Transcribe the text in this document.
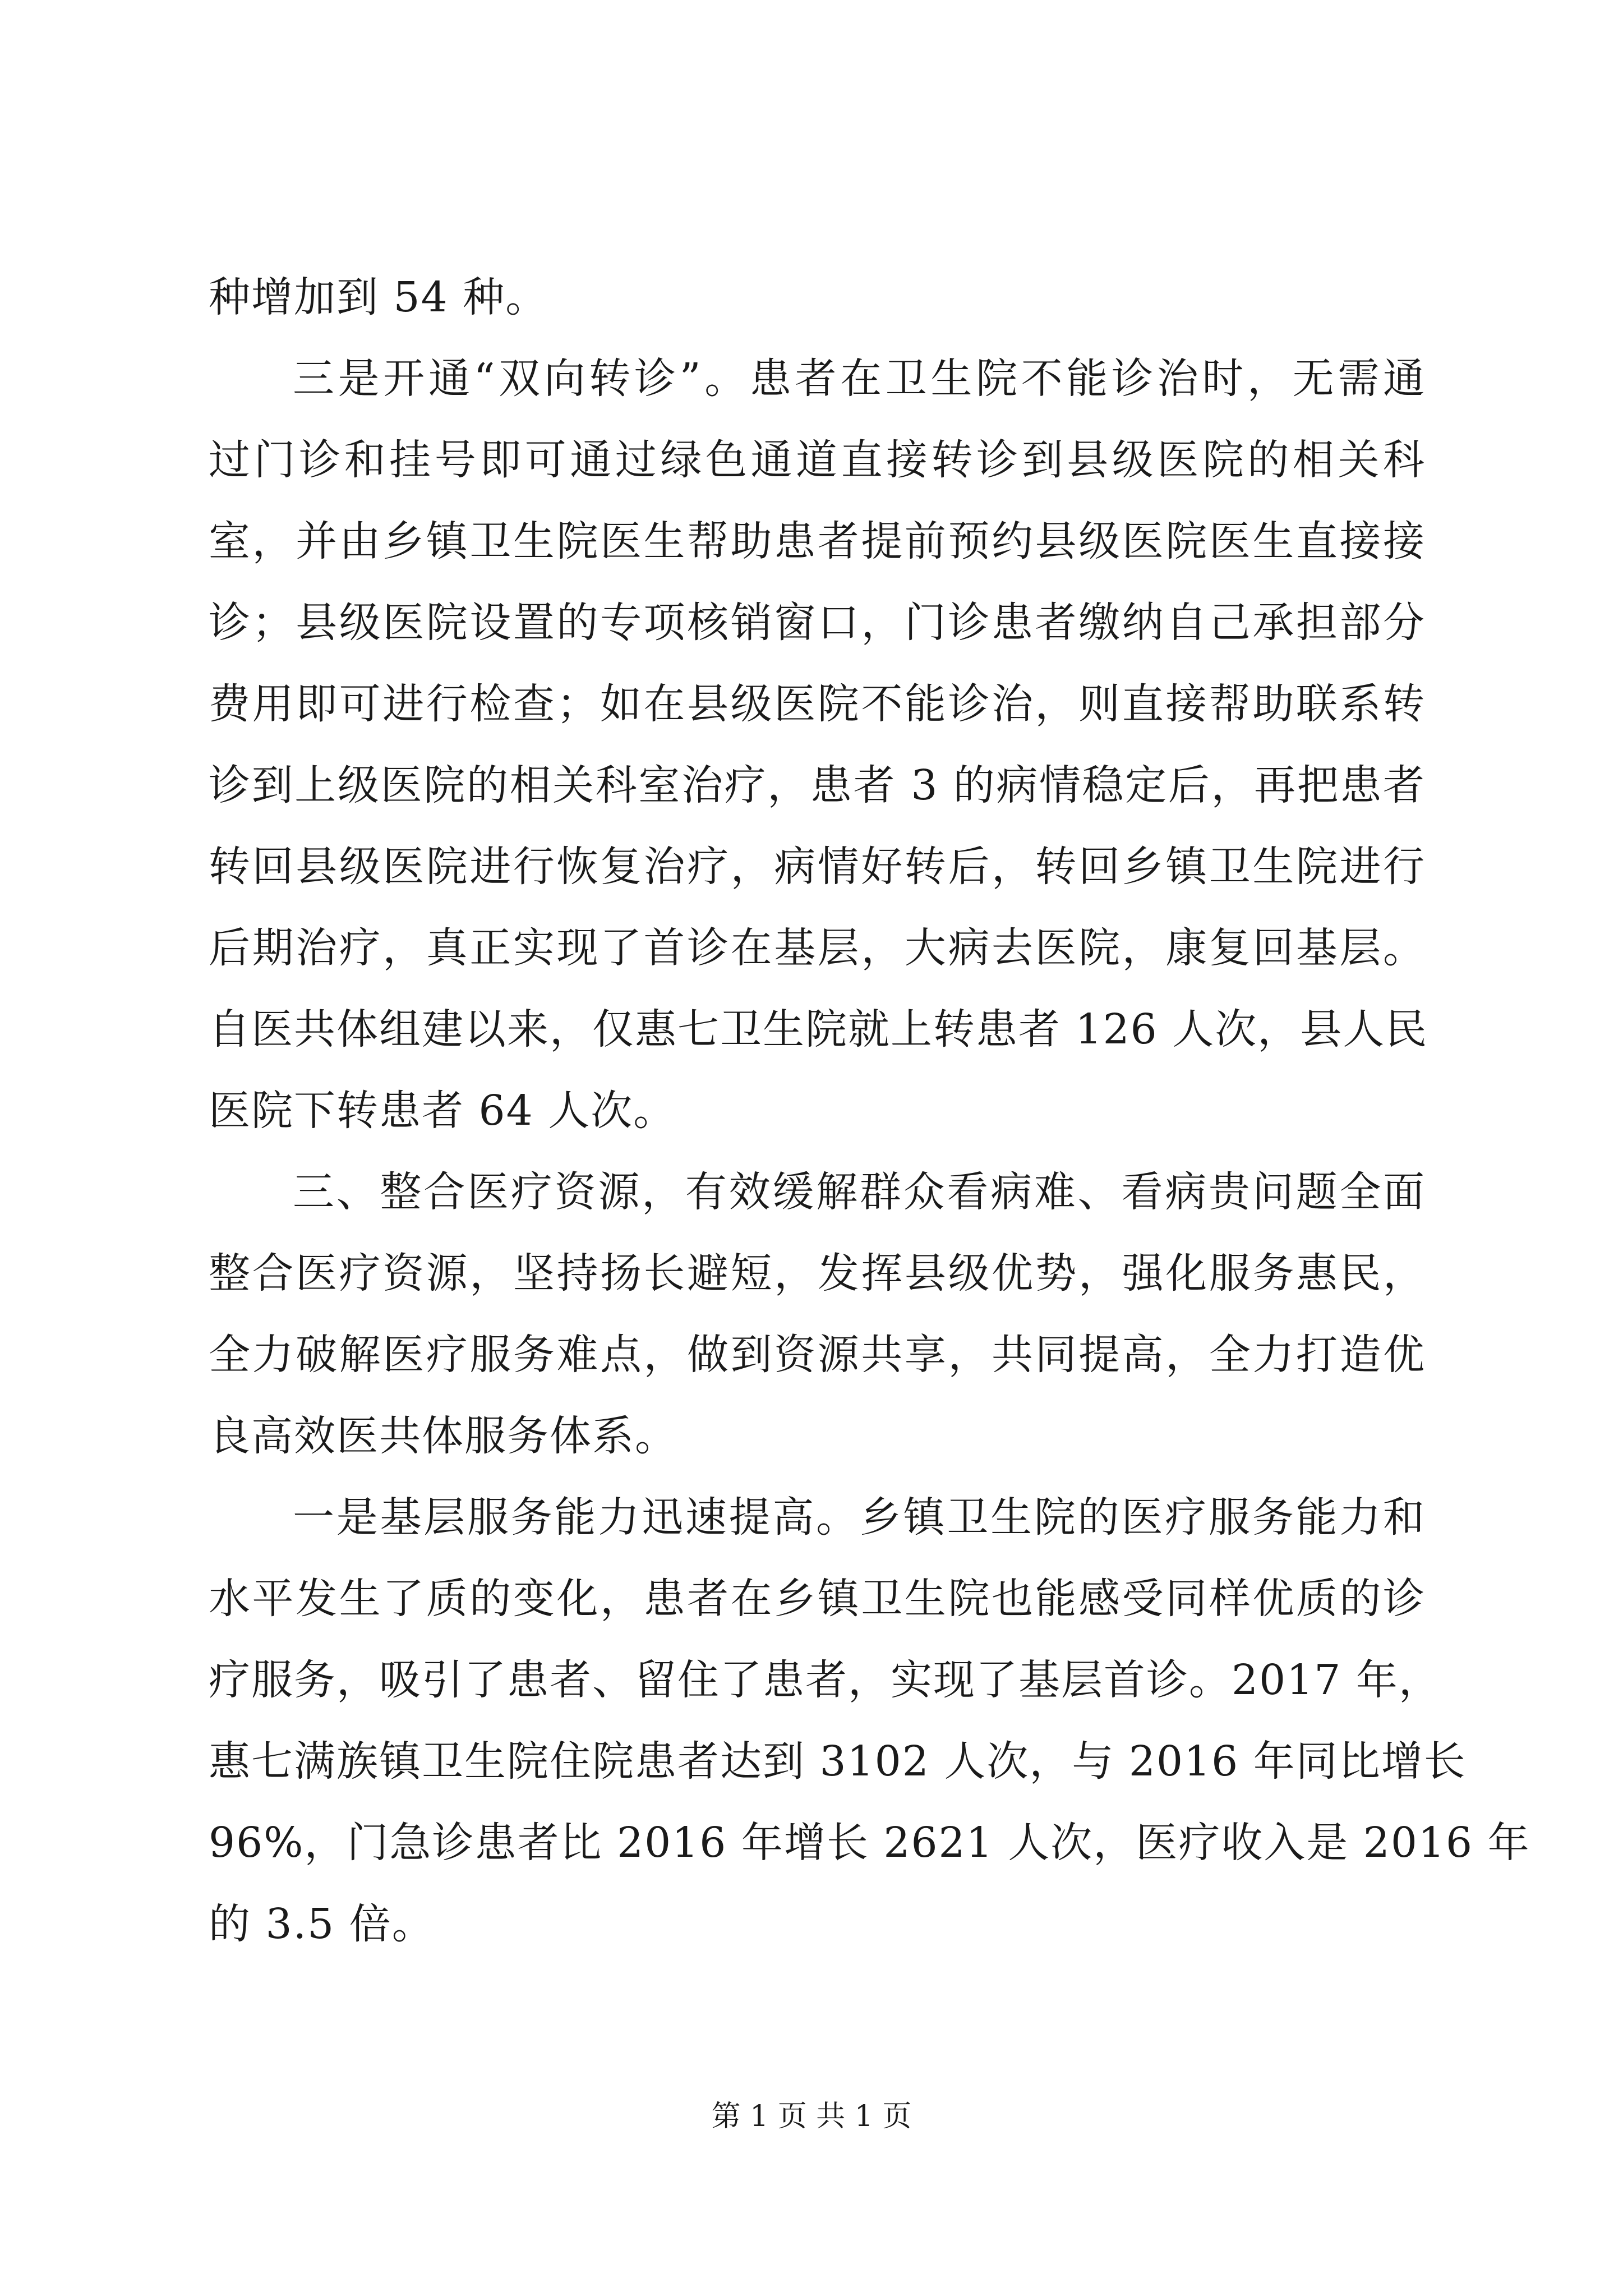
种增加到 54 种。
三是开通“双向转诊”。患者在卫生院不能诊治时，无需通
过门诊和挂号即可通过绿色通道直接转诊到县级医院的相关科
室，并由乡镇卫生院医生帮助患者提前预约县级医院医生直接接
诊；县级医院设置的专项核销窗口，门诊患者缴纳自己承担部分
费用即可进行检查；如在县级医院不能诊治，则直接帮助联系转
诊到上级医院的相关科室治疗，患者 3 的病情稳定后，再把患者
转回县级医院进行恢复治疗，病情好转后，转回乡镇卫生院进行
后期治疗，真正实现了首诊在基层，大病去医院，康复回基层。
自医共体组建以来，仅惠七卫生院就上转患者 126 人次，县人民
医院下转患者 64 人次。
三、整合医疗资源，有效缓解群众看病难、看病贵问题全面
整合医疗资源，坚持扬长避短，发挥县级优势，强化服务惠民，
全力破解医疗服务难点，做到资源共享，共同提高，全力打造优
良高效医共体服务体系。
一是基层服务能力迅速提高。乡镇卫生院的医疗服务能力和
水平发生了质的变化，患者在乡镇卫生院也能感受同样优质的诊
疗服务，吸引了患者、留住了患者，实现了基层首诊。2017 年，
惠七满族镇卫生院住院患者达到 3102 人次，与 2016 年同比增长
96%，门急诊患者比 2016 年增长 2621 人次，医疗收入是 2016 年
的 3.5 倍。
第 1 页 共 1 页
